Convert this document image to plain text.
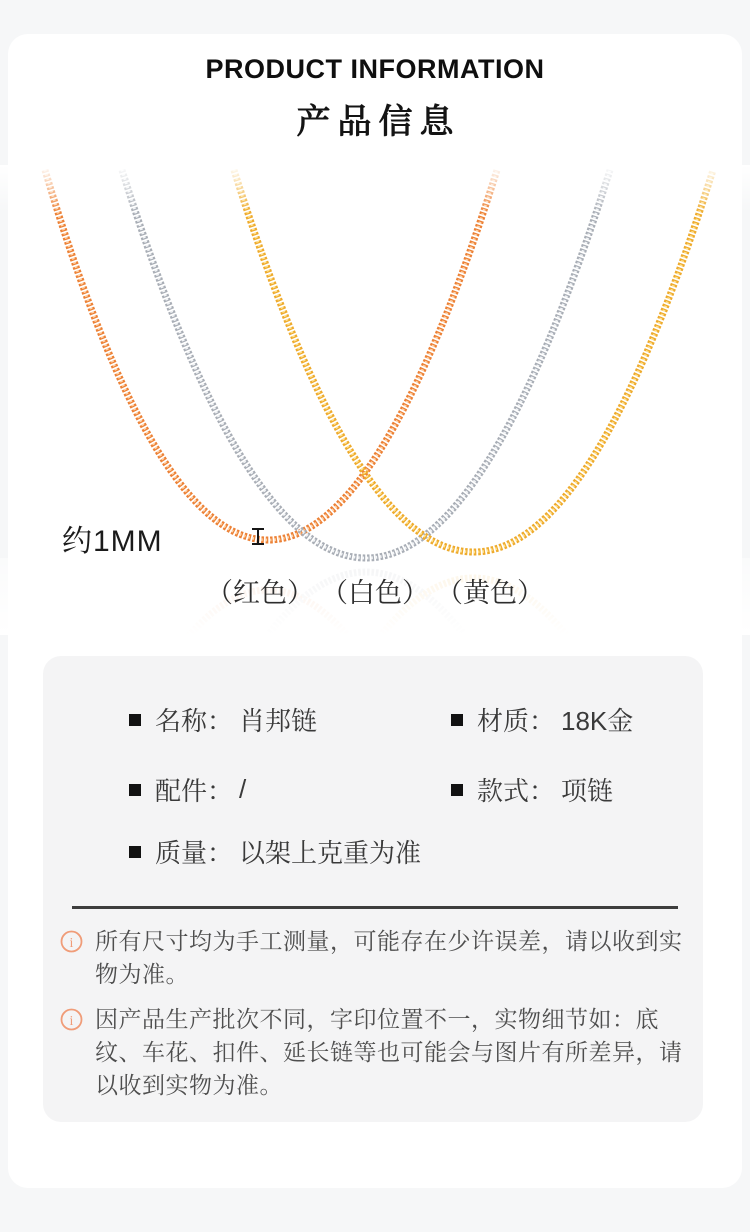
PRODUCT INFORMATION
产品信息
约1MM
（红色） （白色） （黄色）
名称： 肖邦链	材质： 18K金
配件： /	款式： 项链
质量： 以架上克重为准
i 所有尺寸均为手工测量，可能存在少许误差，请以收到实物为准。
i 因产品生产批次不同，字印位置不一，实物细节如：底纹、车花、扣件、延长链等也可能会与图片有所差异，请以收到实物为准。
